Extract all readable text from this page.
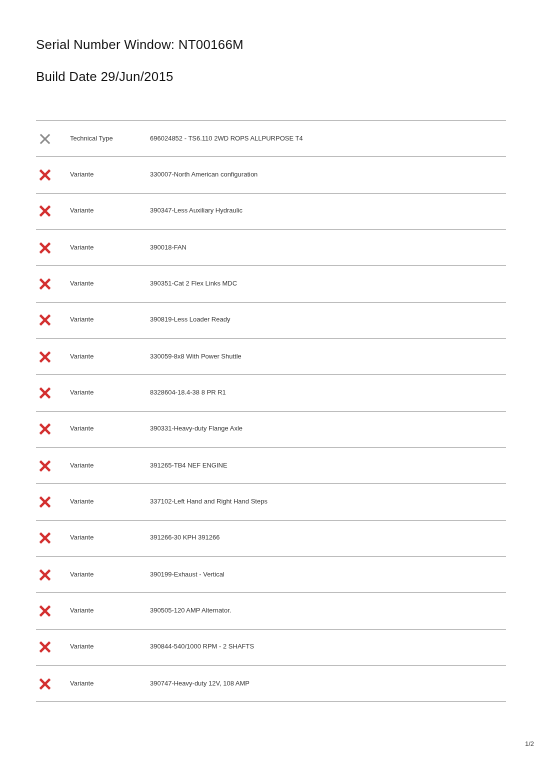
Serial Number Window: NT00166M
Build Date 29/Jun/2015
Technical Type	696024852 - TS6.110 2WD ROPS ALLPURPOSE T4
Variante	330007-North American configuration
Variante	390347-Less Auxiliary Hydraulic
Variante	390018-FAN
Variante	390351-Cat 2 Flex Links MDC
Variante	390819-Less Loader Ready
Variante	330059-8x8 With Power Shuttle
Variante	8328604-18.4-38 8 PR R1
Variante	390331-Heavy-duty Flange Axle
Variante	391265-TB4 NEF ENGINE
Variante	337102-Left Hand and Right Hand Steps
Variante	391266-30 KPH 391266
Variante	390199-Exhaust - Vertical
Variante	390505-120 AMP Alternator.
Variante	390844-540/1000 RPM - 2 SHAFTS
Variante	390747-Heavy-duty 12V, 108 AMP
1/2
